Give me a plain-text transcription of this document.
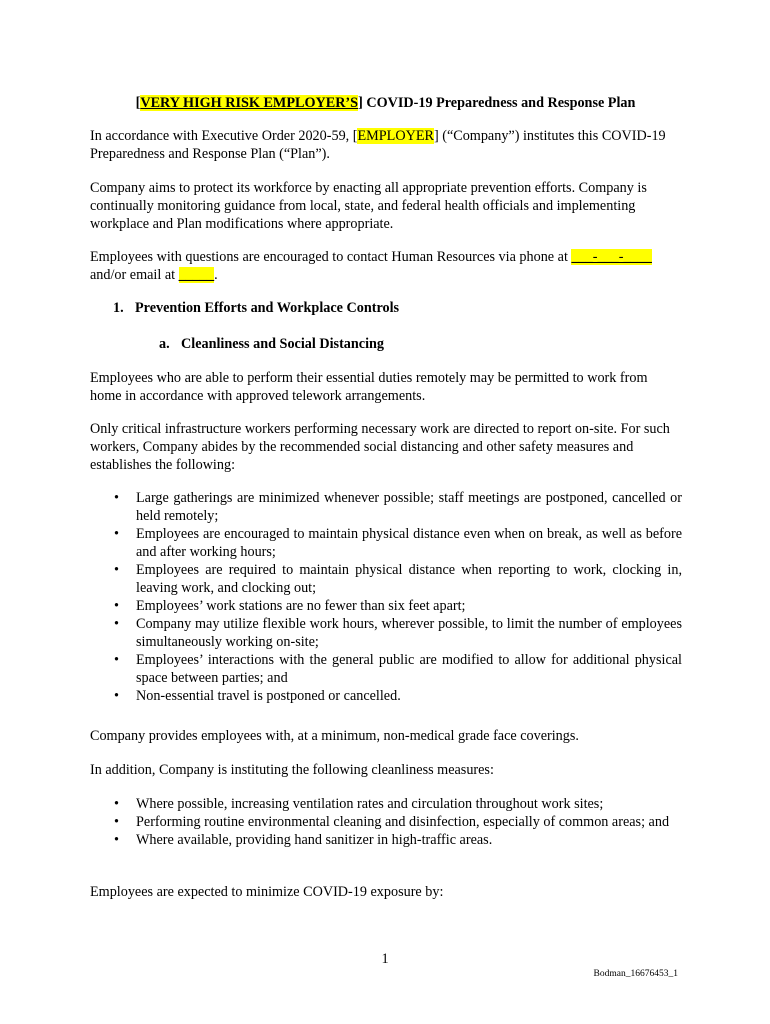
[VERY HIGH RISK EMPLOYER’S] COVID-19 Preparedness and Response Plan

In accordance with Executive Order 2020-59, [EMPLOYER] (“Company”) institutes this COVID-19 Preparedness and Response Plan (“Plan”).

Company aims to protect its workforce by enacting all appropriate prevention efforts. Company is continually monitoring guidance from local, state, and federal health officials and implementing workplace and Plan modifications where appropriate.

Employees with questions are encouraged to contact Human Resources via phone at ___-___-____ and/or email at _____.

1. Prevention Efforts and Workplace Controls
a. Cleanliness and Social Distancing

Employees who are able to perform their essential duties remotely may be permitted to work from home in accordance with approved telework arrangements.

Only critical infrastructure workers performing necessary work are directed to report on-site. For such workers, Company abides by the recommended social distancing and other safety measures and establishes the following:

• Large gatherings are minimized whenever possible; staff meetings are postponed, cancelled or held remotely;
• Employees are encouraged to maintain physical distance even when on break, as well as before and after working hours;
• Employees are required to maintain physical distance when reporting to work, clocking in, leaving work, and clocking out;
• Employees’ work stations are no fewer than six feet apart;
• Company may utilize flexible work hours, wherever possible, to limit the number of employees simultaneously working on-site;
• Employees’ interactions with the general public are modified to allow for additional physical space between parties; and
• Non-essential travel is postponed or cancelled.

Company provides employees with, at a minimum, non-medical grade face coverings.

In addition, Company is instituting the following cleanliness measures:

• Where possible, increasing ventilation rates and circulation throughout work sites;
• Performing routine environmental cleaning and disinfection, especially of common areas; and
• Where available, providing hand sanitizer in high-traffic areas.

Employees are expected to minimize COVID-19 exposure by:

1
Bodman_16676453_1
